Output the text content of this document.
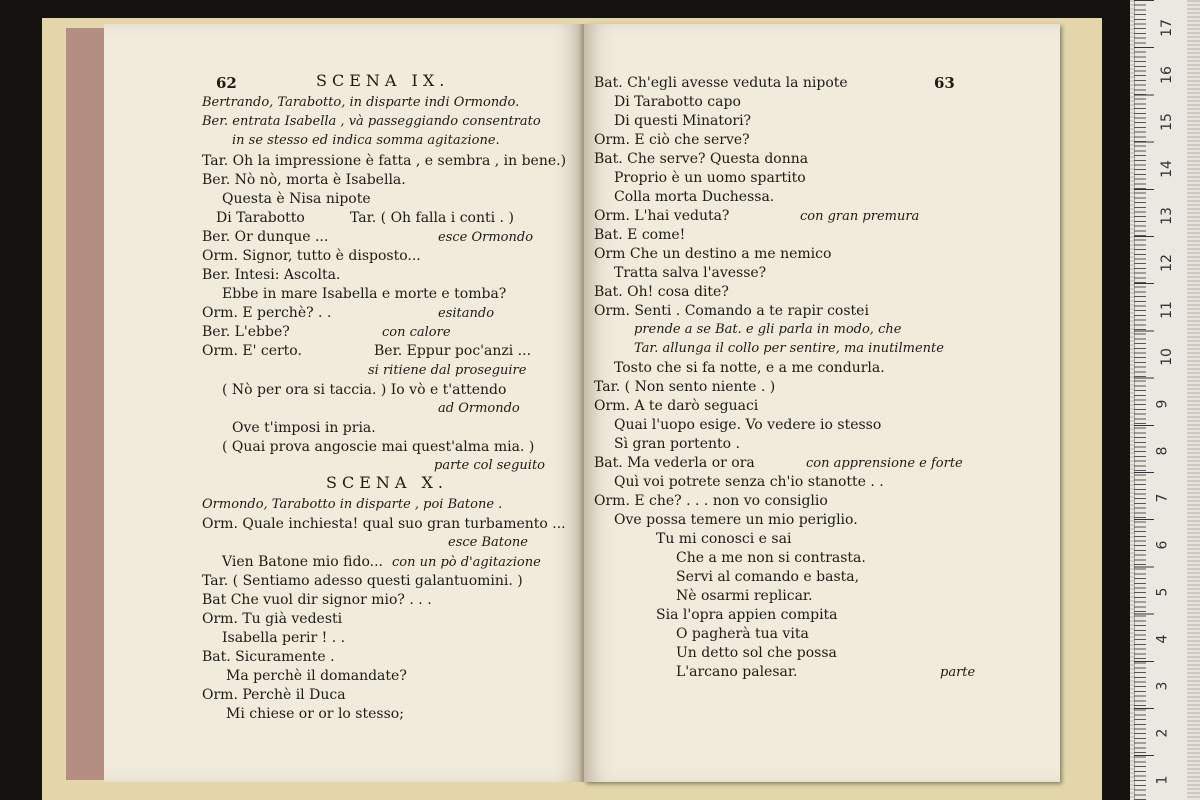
62	SCENA IX.
Bertrando, Tarabotto, in disparte indi Ormondo.
Ber. entrata Isabella , và passeggiando consentrato
in se stesso ed indica somma agitazione.
Tar. Oh la impressione è fatta , e sembra , in bene.)
Ber. Nò nò, morta è Isabella.
Questa è Nisa nipote
Di Tarabotto	Tar. ( Oh falla i conti . )
Ber. Or dunque ...	esce Ormondo
Orm. Signor, tutto è disposto...
Ber. Intesi: Ascolta.
Ebbe in mare Isabella e morte e tomba?
Orm. E perchè? . .	esitando
Ber. L'ebbe?	con calore
Orm. E' certo.	Ber. Eppur poc'anzi ...
si ritiene dal proseguire
( Nò per ora si taccia. ) Io vò e t'attendo
ad Ormondo
Ove t'imposi in pria.
( Quai prova angoscie mai quest'alma mia. )
parte col seguito
SCENA X.
Ormondo, Tarabotto in disparte , poi Batone .
Orm. Quale inchiesta! qual suo gran turbamento ...
esce Batone
Vien Batone mio fido... con un pò d'agitazione
Tar. ( Sentiamo adesso questi galantuomini. )
Bat Che vuol dir signor mio? . . .
Orm. Tu già vedesti
Isabella perir ! . .
Bat. Sicuramente .
Ma perchè il domandate?
Orm. Perchè il Duca
Mi chiese or or lo stesso;
63
Bat. Ch'egli avesse veduta la nipote
Di Tarabotto capo
Di questi Minatori?
Orm. E ciò che serve?
Bat. Che serve? Questa donna
Proprio è un uomo spartito
Colla morta Duchessa.
Orm. L'hai veduta?	con gran premura
Bat. E come!
Orm Che un destino a me nemico
Tratta salva l'avesse?
Bat. Oh! cosa dite?
Orm. Senti . Comando a te rapir costei
prende a se Bat. e gli parla in modo, che
Tar. allunga il collo per sentire, ma inutilmente
Tosto che si fa notte, e a me condurla.
Tar. ( Non sento niente . )
Orm. A te darò seguaci
Quai l'uopo esige. Vo vedere io stesso
Sì gran portento .
Bat. Ma vederla or ora	con apprensione e forte
Quì voi potrete senza ch'io stanotte . .
Orm. E che? . . . non vo consiglio
Ove possa temere un mio periglio.
Tu mi conosci e sai
Che a me non si contrasta.
Servi al comando e basta,
Nè osarmi replicar.
Sia l'opra appien compita
O pagherà tua vita
Un detto sol che possa
L'arcano palesar.	parte
1
2
3
4
5
6
7
8
9
10
11
12
13
14
15
16
17
